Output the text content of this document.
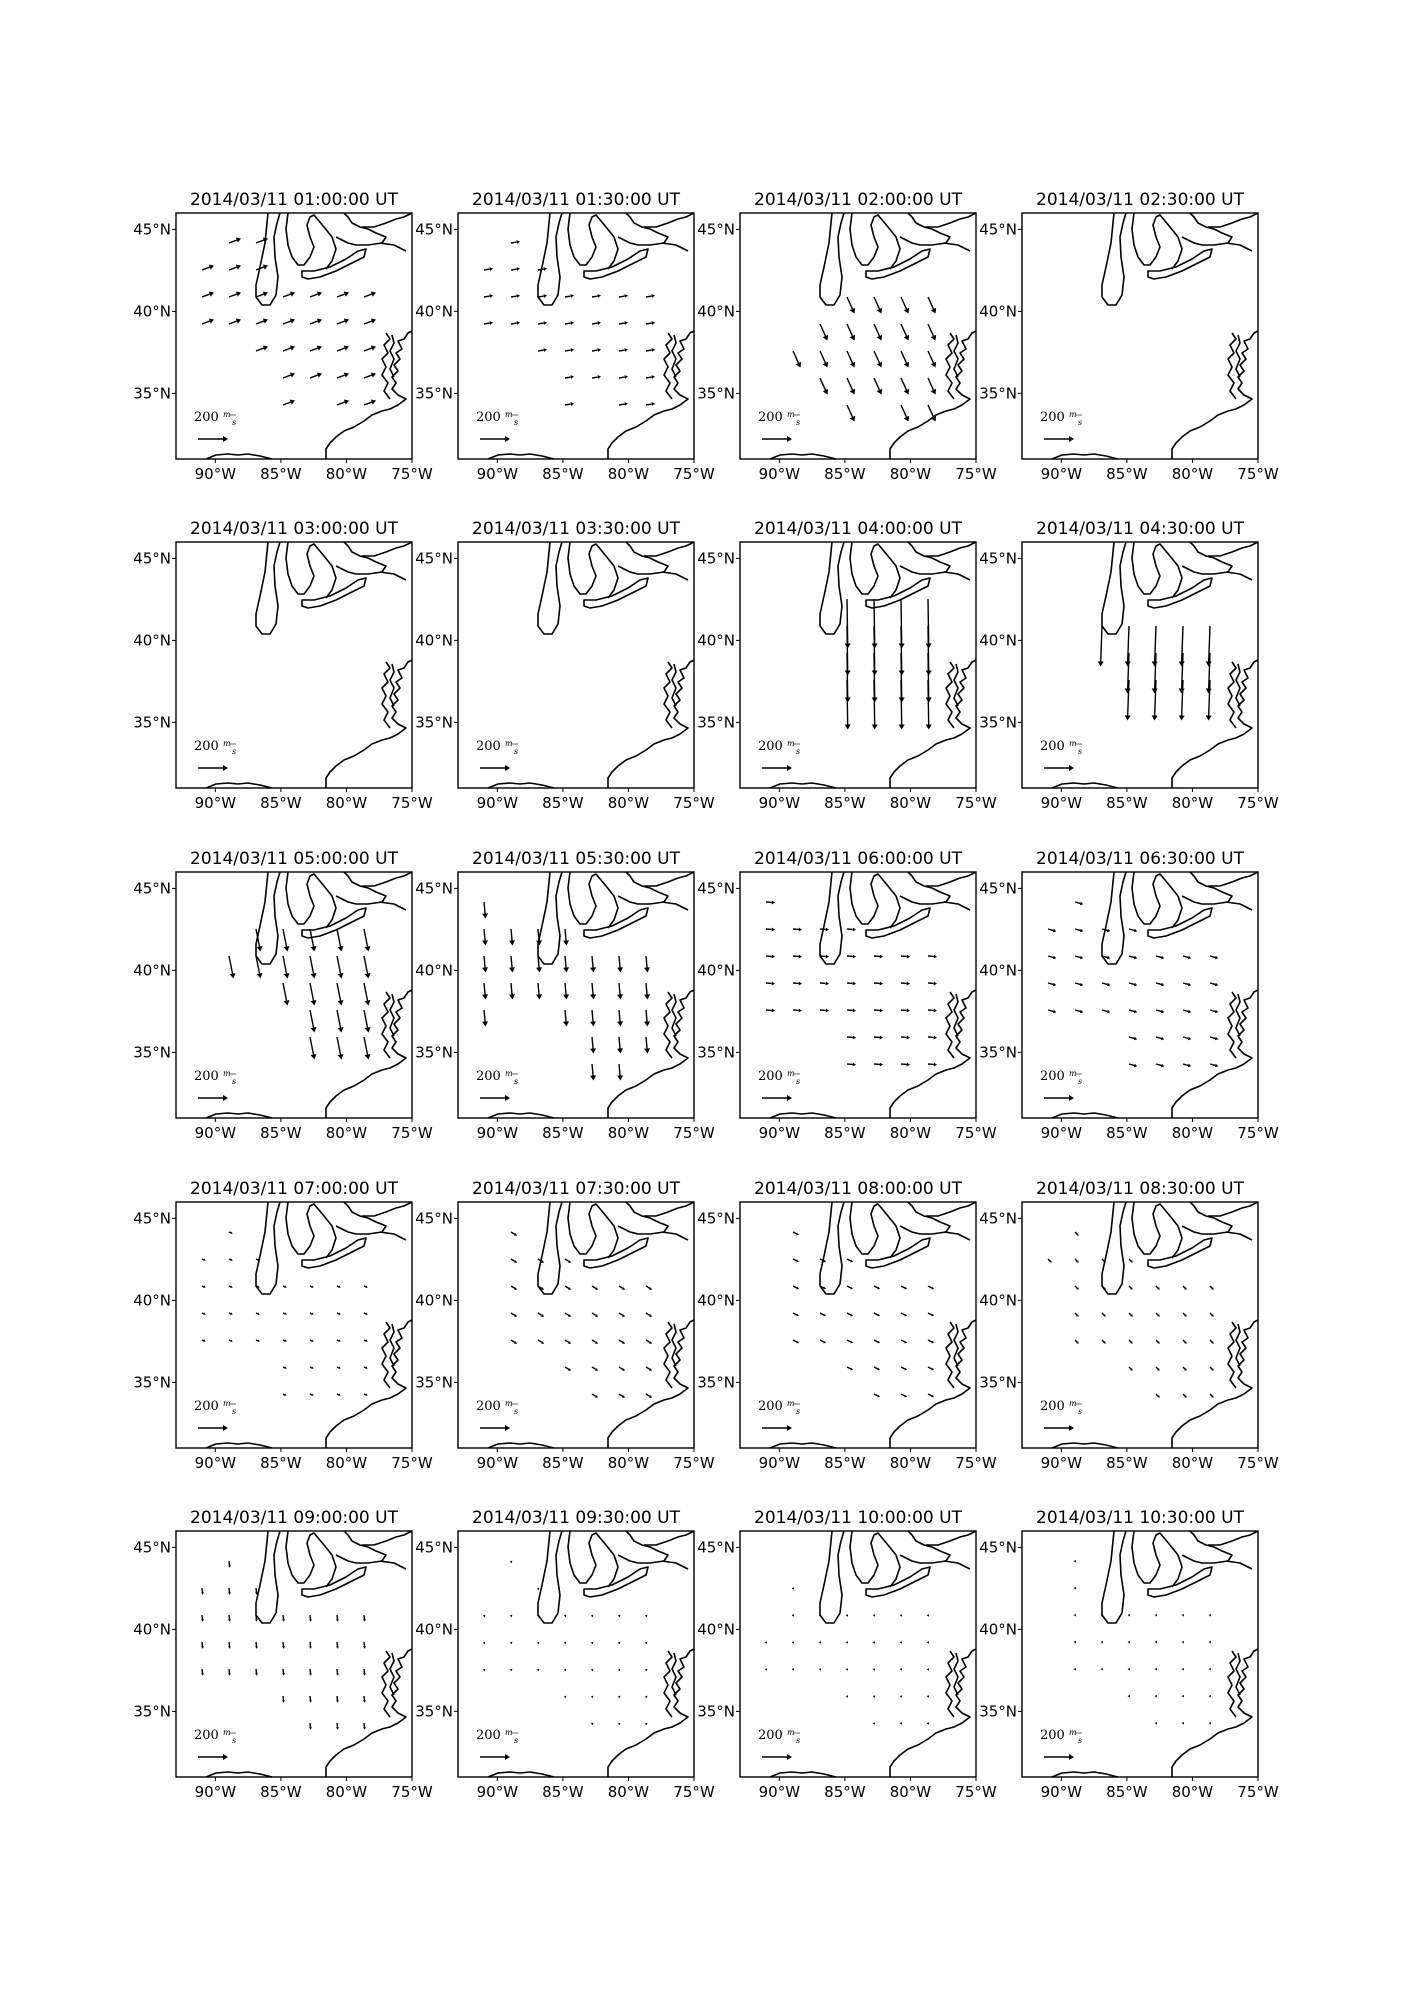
2014/03/11 01:00:00 UT
200 $^m$
s
90°W 85°W 80°W 75°W
45°N
40°N
35°N
2014/03/11 01:30:00 UT
200 $^m$
s
90°W 85°W 80°W 75°W
45°N
40°N
35°N
2014/03/11 02:00:00 UT
200 $^m$
s
90°W 85°W 80°W 75°W
45°N
40°N
35°N
2014/03/11 02:30:00 UT
200 $^m$
s
90°W 85°W 80°W 75°W
45°N
40°N
35°N
2014/03/11 03:00:00 UT
200 $^m$
s
90°W 85°W 80°W 75°W
45°N
40°N
35°N
2014/03/11 03:30:00 UT
200 $^m$
s
90°W 85°W 80°W 75°W
45°N
40°N
35°N
2014/03/11 04:00:00 UT
200 $^m$
s
90°W 85°W 80°W 75°W
45°N
40°N
35°N
2014/03/11 04:30:00 UT
200 $^m$
s
90°W 85°W 80°W 75°W
45°N
40°N
35°N
2014/03/11 05:00:00 UT
200 $^m$
s
90°W 85°W 80°W 75°W
45°N
40°N
35°N
2014/03/11 05:30:00 UT
200 $^m$
s
90°W 85°W 80°W 75°W
45°N
40°N
35°N
2014/03/11 06:00:00 UT
200 $^m$
s
90°W 85°W 80°W 75°W
45°N
40°N
35°N
2014/03/11 06:30:00 UT
200 $^m$
s
90°W 85°W 80°W 75°W
45°N
40°N
35°N
2014/03/11 07:00:00 UT
200 $^m$
s
90°W 85°W 80°W 75°W
45°N
40°N
35°N
2014/03/11 07:30:00 UT
200 $^m$
s
90°W 85°W 80°W 75°W
45°N
40°N
35°N
2014/03/11 08:00:00 UT
200 $^m$
s
90°W 85°W 80°W 75°W
45°N
40°N
35°N
2014/03/11 08:30:00 UT
200 $^m$
s
90°W 85°W 80°W 75°W
45°N
40°N
35°N
2014/03/11 09:00:00 UT
200 $^m$
s
90°W 85°W 80°W 75°W
45°N
40°N
35°N
2014/03/11 09:30:00 UT
200 $^m$
s
90°W 85°W 80°W 75°W
45°N
40°N
35°N
2014/03/11 10:00:00 UT
200 $^m$
s
90°W 85°W 80°W 75°W
45°N
40°N
35°N
2014/03/11 10:30:00 UT
200 $^m$
s
90°W 85°W 80°W 75°W
45°N
40°N
35°N
